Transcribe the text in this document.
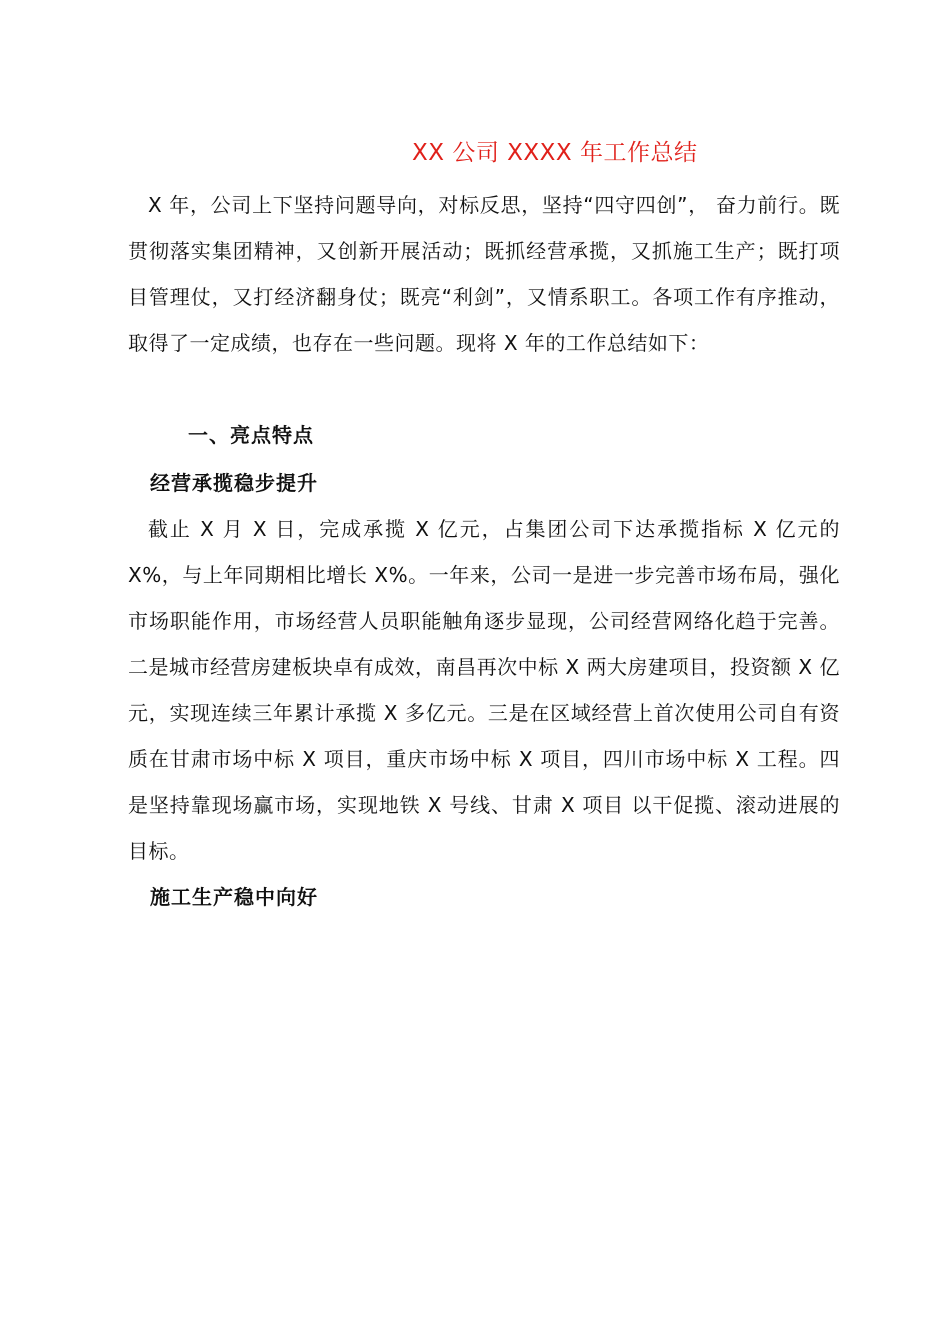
XX 公司 XXXX 年工作总结

X 年，公司上下坚持问题导向，对标反思，坚持“四守四创”， 奋力前行。既贯彻落实集团精神，又创新开展活动；既抓经营承揽，又抓施工生产；既打项目管理仗，又打经济翻身仗；既亮“利剑”，又情系职工。各项工作有序推动，取得了一定成绩，也存在一些问题。现将 X 年的工作总结如下：

一、亮点特点
经营承揽稳步提升

截止 X 月 X 日，完成承揽 X 亿元，占集团公司下达承揽指标 X 亿元的 X%，与上年同期相比增长 X%。一年来，公司一是进一步完善市场布局，强化市场职能作用，市场经营人员职能触角逐步显现，公司经营网络化趋于完善。二是城市经营房建板块卓有成效，南昌再次中标 X 两大房建项目，投资额 X 亿元，实现连续三年累计承揽 X 多亿元。三是在区域经营上首次使用公司自有资质在甘肃市场中标 X 项目，重庆市场中标 X 项目，四川市场中标 X 工程。四是坚持靠现场赢市场，实现地铁 X 号线、甘肃 X 项目 以干促揽、滚动进展的目标。

施工生产稳中向好
